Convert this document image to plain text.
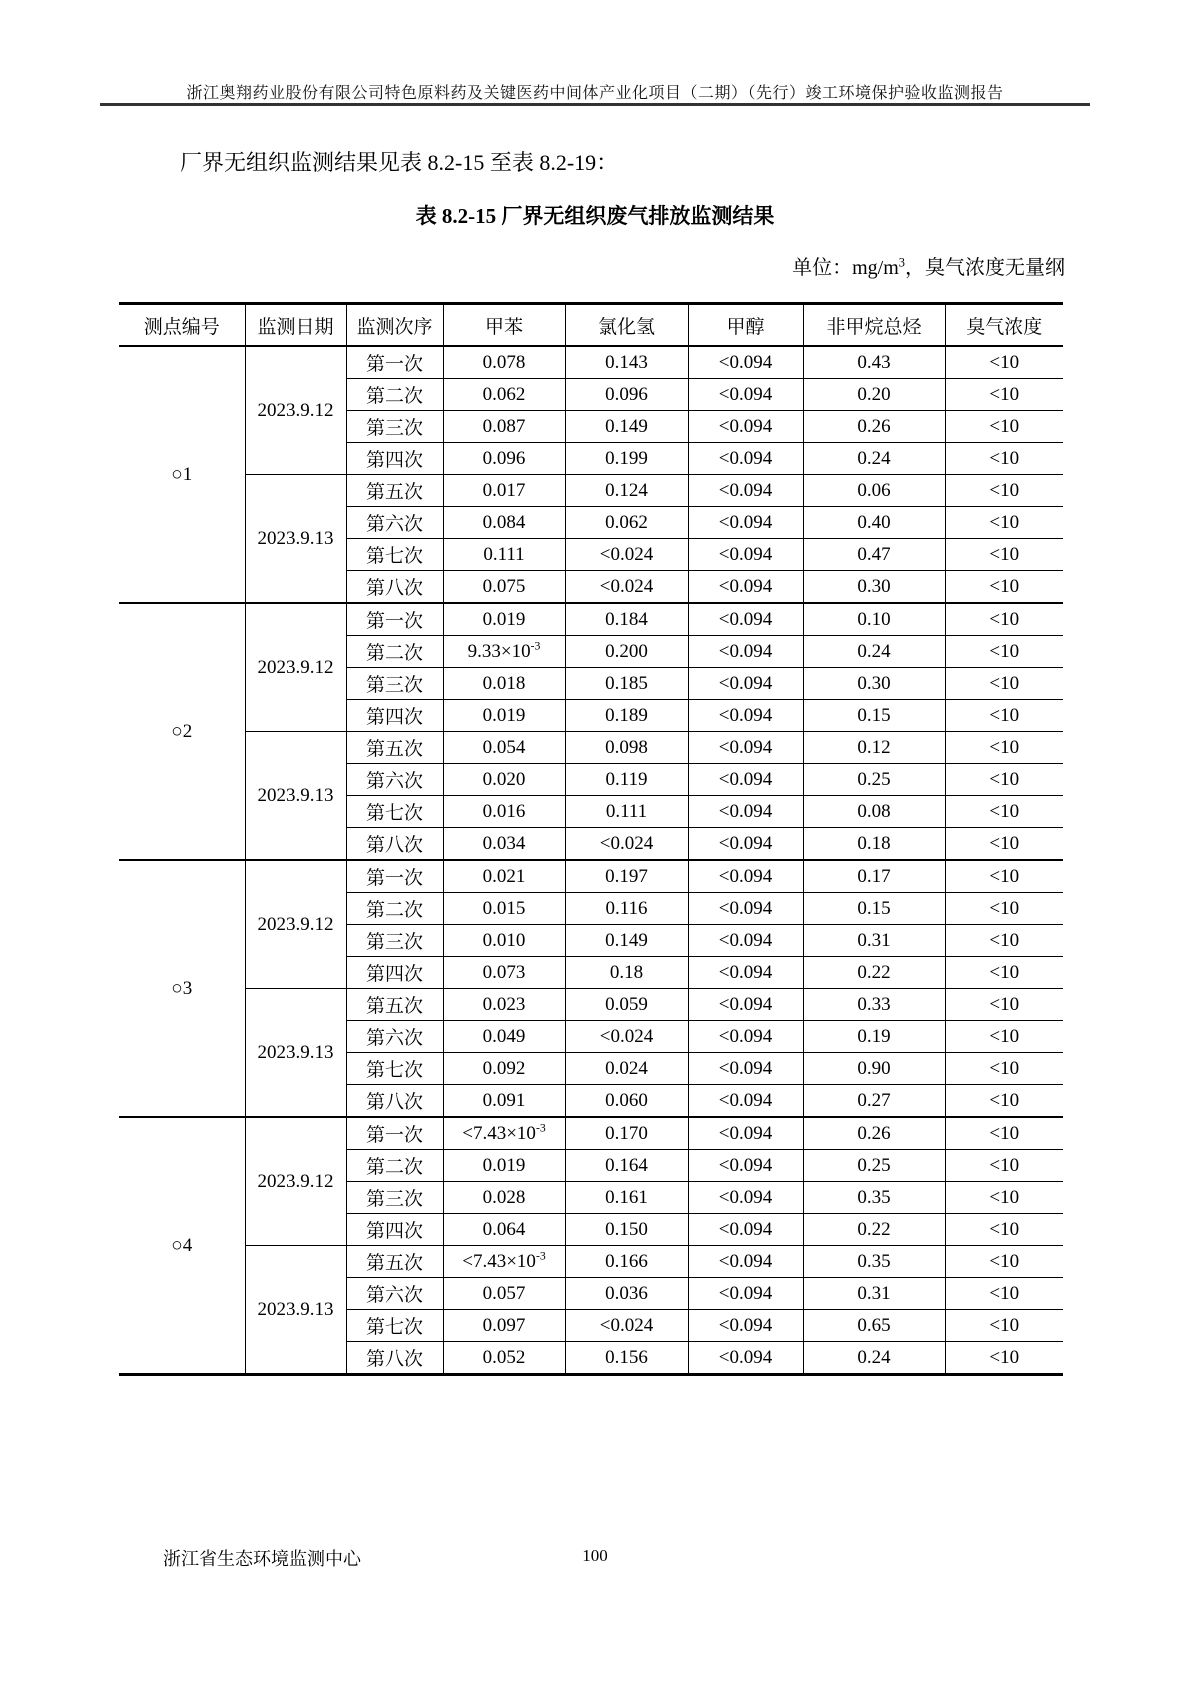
浙江奥翔药业股份有限公司特色原料药及关键医药中间体产业化项目（二期）（先行）竣工环境保护验收监测报告
厂界无组织监测结果见表 8.2-15 至表 8.2-19：
表 8.2-15 厂界无组织废气排放监测结果
单位：$mg/m^3$，臭气浓度无量纲
测点编号	监测日期	监测次序	甲苯	氯化氢	甲醇	非甲烷总烃	臭气浓度
○1	2023.9.12	第一次	0.078	0.143	<0.094	0.43	<10
		第二次	0.062	0.096	<0.094	0.20	<10
		第三次	0.087	0.149	<0.094	0.26	<10
		第四次	0.096	0.199	<0.094	0.24	<10
	2023.9.13	第五次	0.017	0.124	<0.094	0.06	<10
		第六次	0.084	0.062	<0.094	0.40	<10
		第七次	0.111	<0.024	<0.094	0.47	<10
		第八次	0.075	<0.024	<0.094	0.30	<10
○2	2023.9.12	第一次	0.019	0.184	<0.094	0.10	<10
		第二次	$9.33\times 10^{-3}$	0.200	<0.094	0.24	<10
		第三次	0.018	0.185	<0.094	0.30	<10
		第四次	0.019	0.189	<0.094	0.15	<10
	2023.9.13	第五次	0.054	0.098	<0.094	0.12	<10
		第六次	0.020	0.119	<0.094	0.25	<10
		第七次	0.016	0.111	<0.094	0.08	<10
		第八次	0.034	<0.024	<0.094	0.18	<10
○3	2023.9.12	第一次	0.021	0.197	<0.094	0.17	<10
		第二次	0.015	0.116	<0.094	0.15	<10
		第三次	0.010	0.149	<0.094	0.31	<10
		第四次	0.073	0.18	<0.094	0.22	<10
	2023.9.13	第五次	0.023	0.059	<0.094	0.33	<10
		第六次	0.049	<0.024	<0.094	0.19	<10
		第七次	0.092	0.024	<0.094	0.90	<10
		第八次	0.091	0.060	<0.094	0.27	<10
○4	2023.9.12	第一次	$<7.43\times 10^{-3}$	0.170	<0.094	0.26	<10
		第二次	0.019	0.164	<0.094	0.25	<10
		第三次	0.028	0.161	<0.094	0.35	<10
		第四次	0.064	0.150	<0.094	0.22	<10
	2023.9.13	第五次	$<7.43\times 10^{-3}$	0.166	<0.094	0.35	<10
		第六次	0.057	0.036	<0.094	0.31	<10
		第七次	0.097	<0.024	<0.094	0.65	<10
		第八次	0.052	0.156	<0.094	0.24	<10
浙江省生态环境监测中心	100
